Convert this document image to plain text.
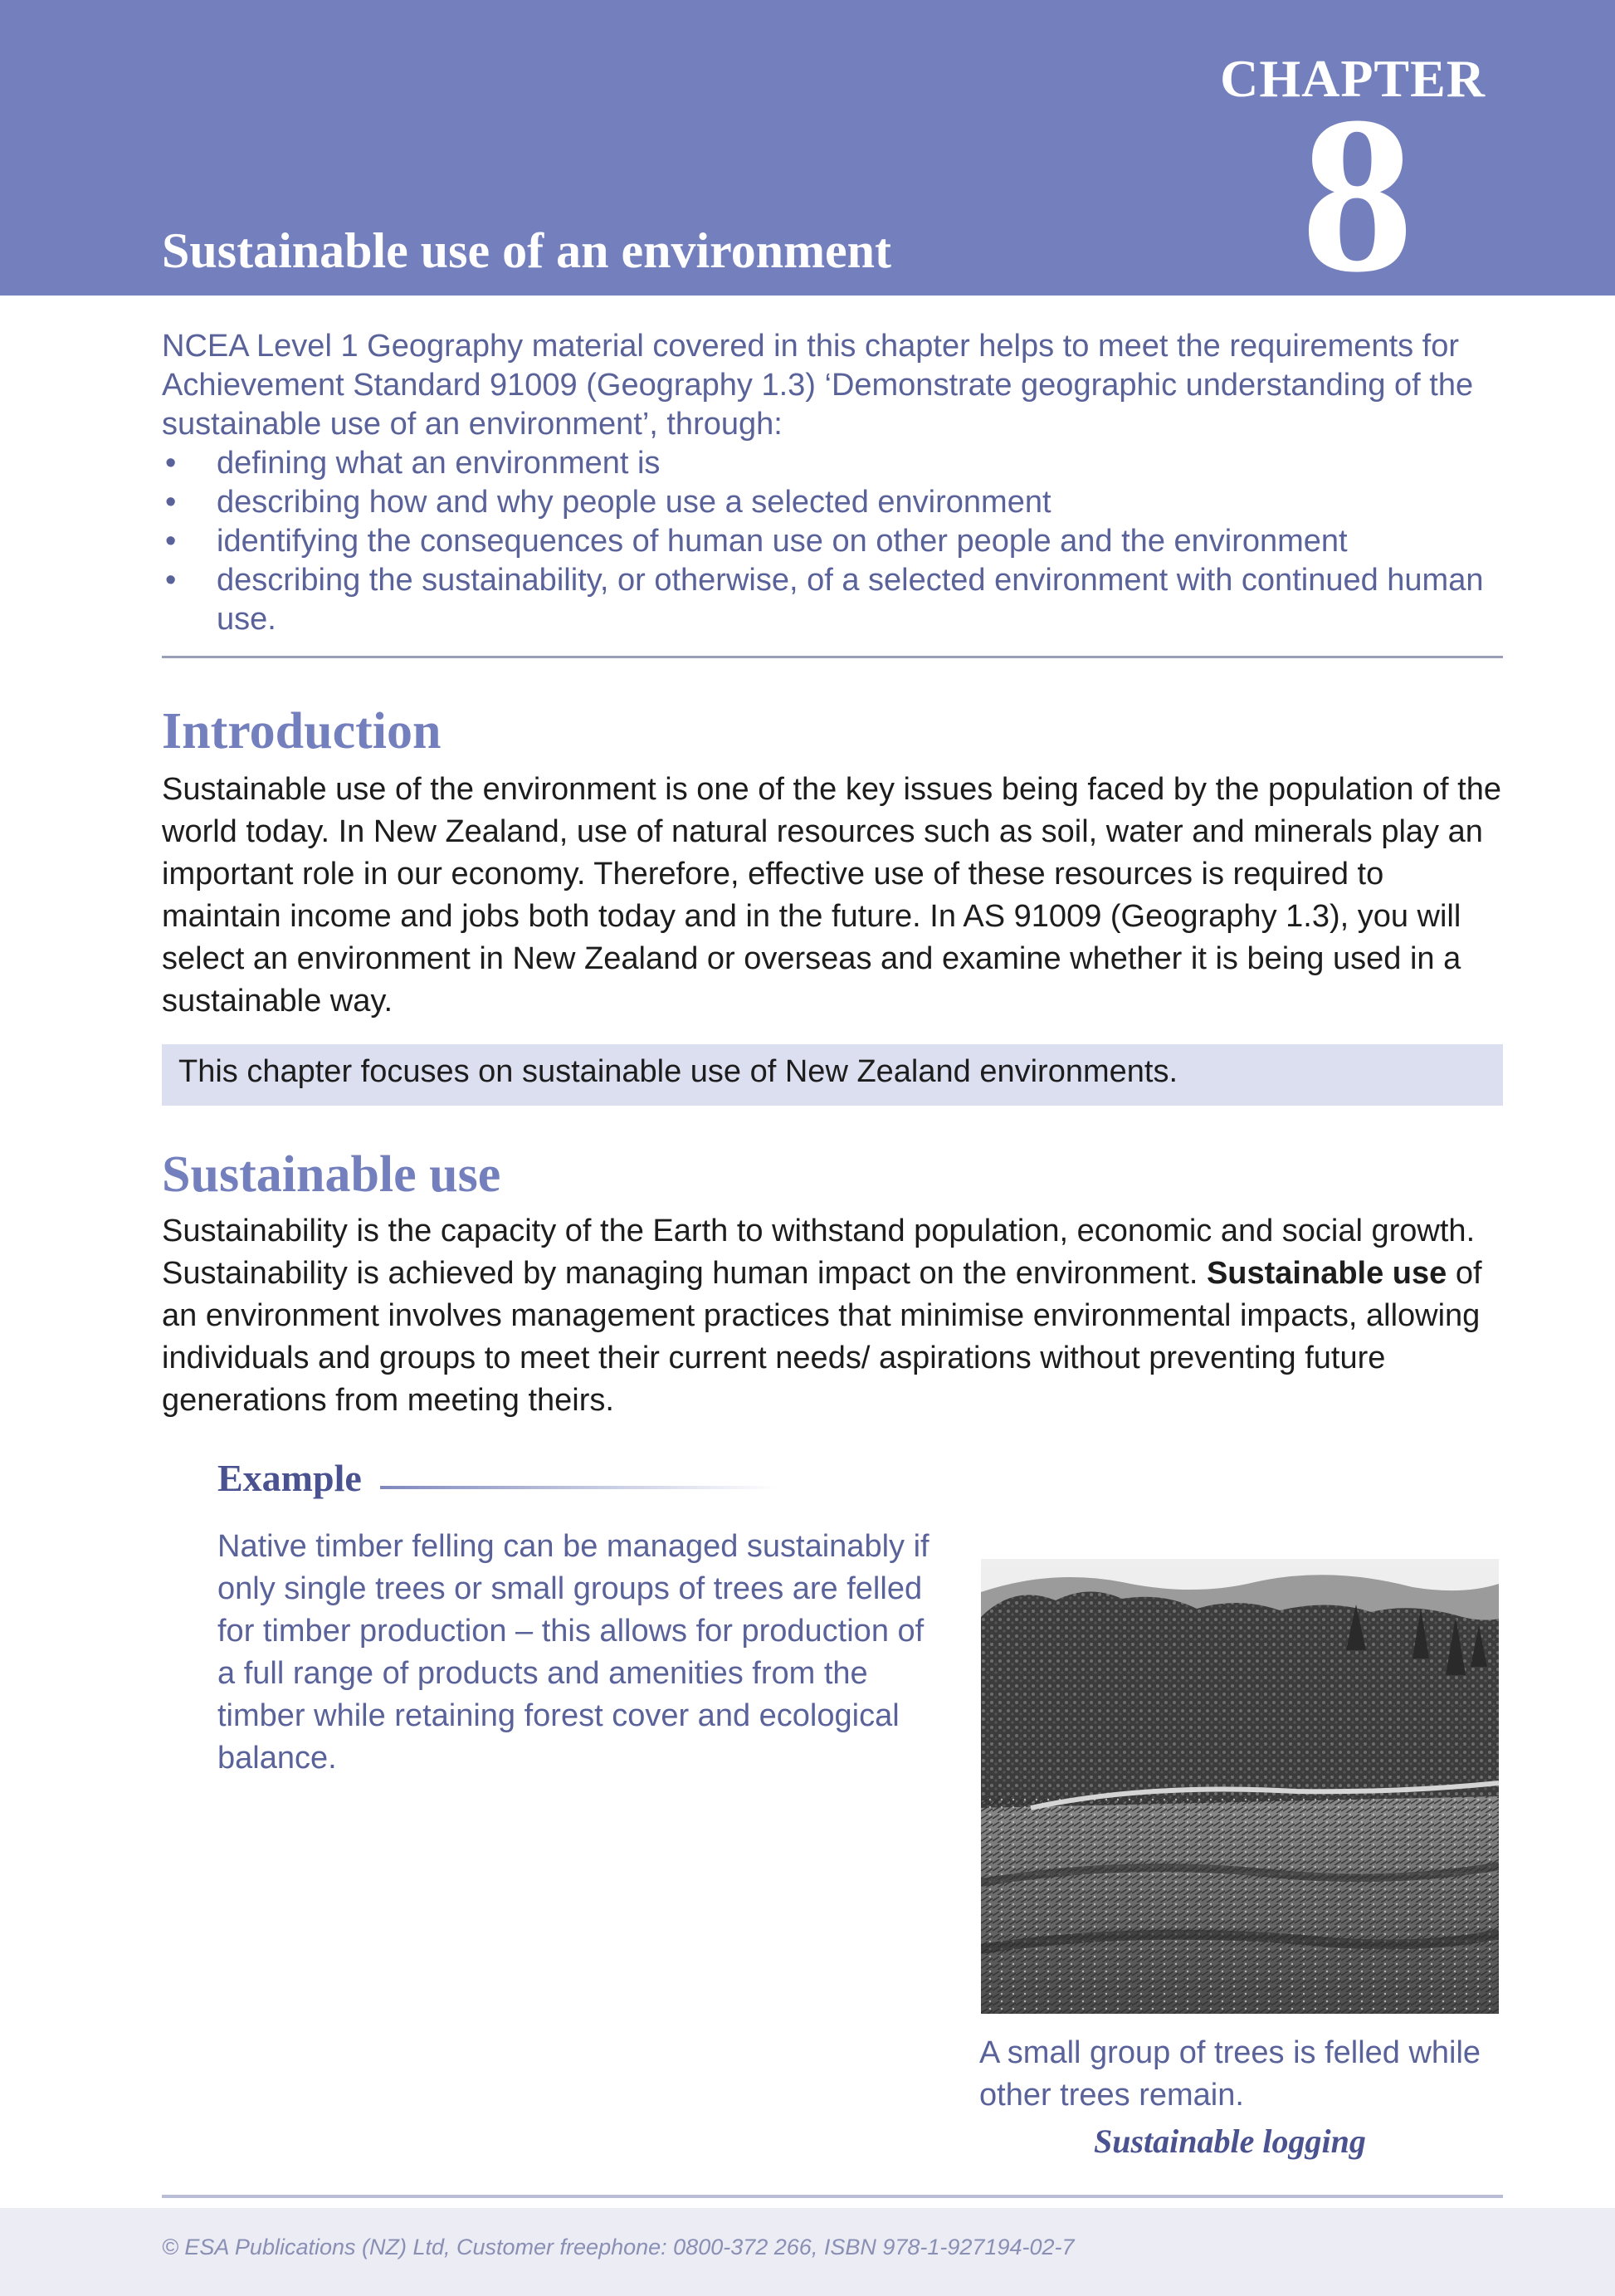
CHAPTER
8
Sustainable use of an environment

NCEA Level 1 Geography material covered in this chapter helps to meet the requirements for Achievement Standard 91009 (Geography 1.3) ‘Demonstrate geographic understanding of the sustainable use of an environment’, through:

• defining what an environment is
• describing how and why people use a selected environment
• identifying the consequences of human use on other people and the environment
• describing the sustainability, or otherwise, of a selected environment with continued human use.
Introduction

Sustainable use of the environment is one of the key issues being faced by the population of the world today. In New Zealand, use of natural resources such as soil, water and minerals play an important role in our economy. Therefore, effective use of these resources is required to maintain income and jobs both today and in the future. In AS 91009 (Geography 1.3), you will select an environment in New Zealand or overseas and examine whether it is being used in a sustainable way.

This chapter focuses on sustainable use of New Zealand environments.
Sustainable use

Sustainability is the capacity of the Earth to withstand population, economic and social growth. Sustainability is achieved by managing human impact on the environment. Sustainable use of an environment involves management practices that minimise environmental impacts, allowing individuals and groups to meet their current needs/ aspirations without preventing future generations from meeting theirs.

Example
Native timber felling can be managed sustainably if only single trees or small groups of trees are felled for timber production – this allows for production of a full range of products and amenities from the timber while retaining forest cover and ecological balance.
A small group of trees is felled while other trees remain.
Sustainable logging
© ESA Publications (NZ) Ltd, Customer freephone: 0800-372 266, ISBN 978-1-927194-02-7
